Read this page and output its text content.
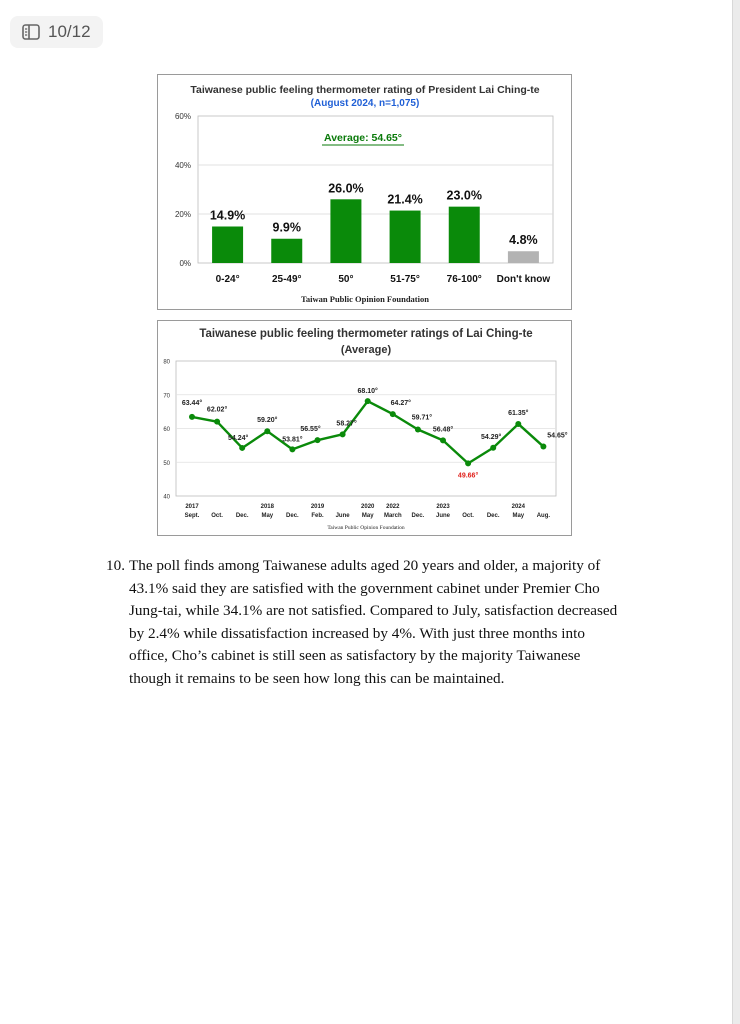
10/12
Taiwanese public feeling thermometer rating of President Lai Ching-te
(August 2024, n=1,075)
0%
20%
40%
60%
14.9%
0-24°
9.9%
25-49°
26.0%
50°
21.4%
51-75°
23.0%
76-100°
4.8%
Don't know
Average: 54.65°
Taiwan Public Opinion Foundation
Taiwanese public feeling thermometer ratings of Lai Ching-te
(Average)
40
50
60
70
80
63.44°
2017
Sept.
62.02°
Oct.
54.24°
Dec.
59.20°
2018
May
53.81°
Dec.
56.55°
2019
Feb.
58.27°
June
68.10°
2020
May
64.27°
2022
March
59.71°
Dec.
56.48°
2023
June
49.66°
Oct.
54.29°
Dec.
61.35°
2024
May
54.65°
Aug.
Taiwan Public Opinion Foundation
10. The poll finds among Taiwanese adults aged 20 years and older, a majority of 43.1% said they are satisfied with the government cabinet under Premier Cho Jung-tai, while 34.1% are not satisfied. Compared to July, satisfaction decreased by 2.4% while dissatisfaction increased by 4%. With just three months into office, Cho’s cabinet is still seen as satisfactory by the majority Taiwanese though it remains to be seen how long this can be maintained.
